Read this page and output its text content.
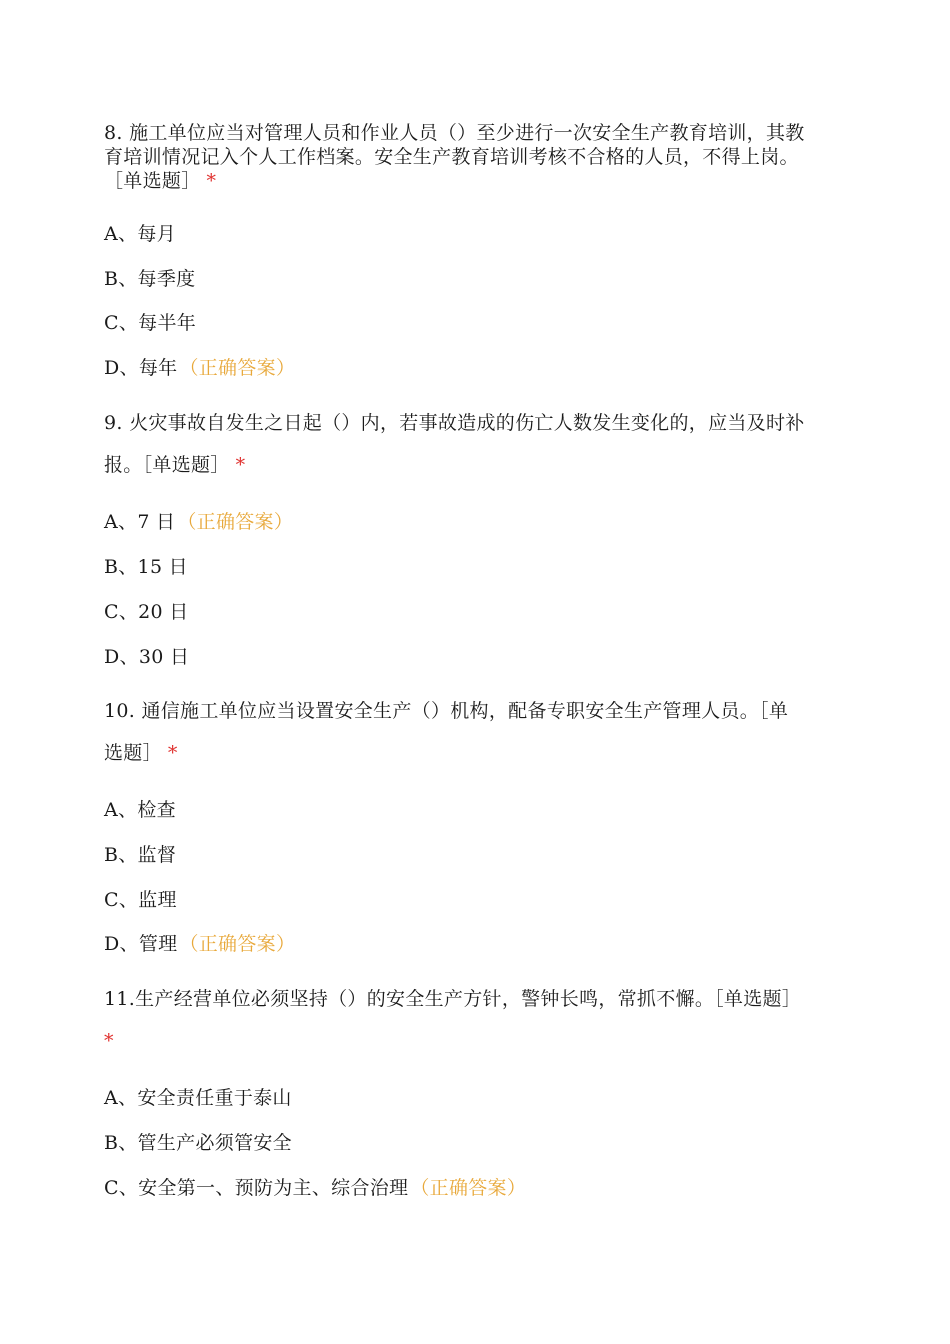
8. 施工单位应当对管理人员和作业人员（）至少进行一次安全生产教育培训，其教
育培训情况记入个人工作档案。安全生产教育培训考核不合格的人员，不得上岗。
［单选题］ *
A、每月
B、每季度
C、每半年
D、每年 （正确答案）
9. 火灾事故自发生之日起（）内，若事故造成的伤亡人数发生变化的，应当及时补
报。［单选题］ *
A、7 日 （正确答案）
B、15 日
C、20 日
D、30 日
10. 通信施工单位应当设置安全生产（）机构，配备专职安全生产管理人员。［单
选题］ *
A、检查
B、监督
C、监理
D、管理 （正确答案）
11.生产经营单位必须坚持（）的安全生产方针，警钟长鸣，常抓不懈。［单选题］
*
A、安全责任重于泰山
B、管生产必须管安全
C、安全第一、预防为主、综合治理 （正确答案）
